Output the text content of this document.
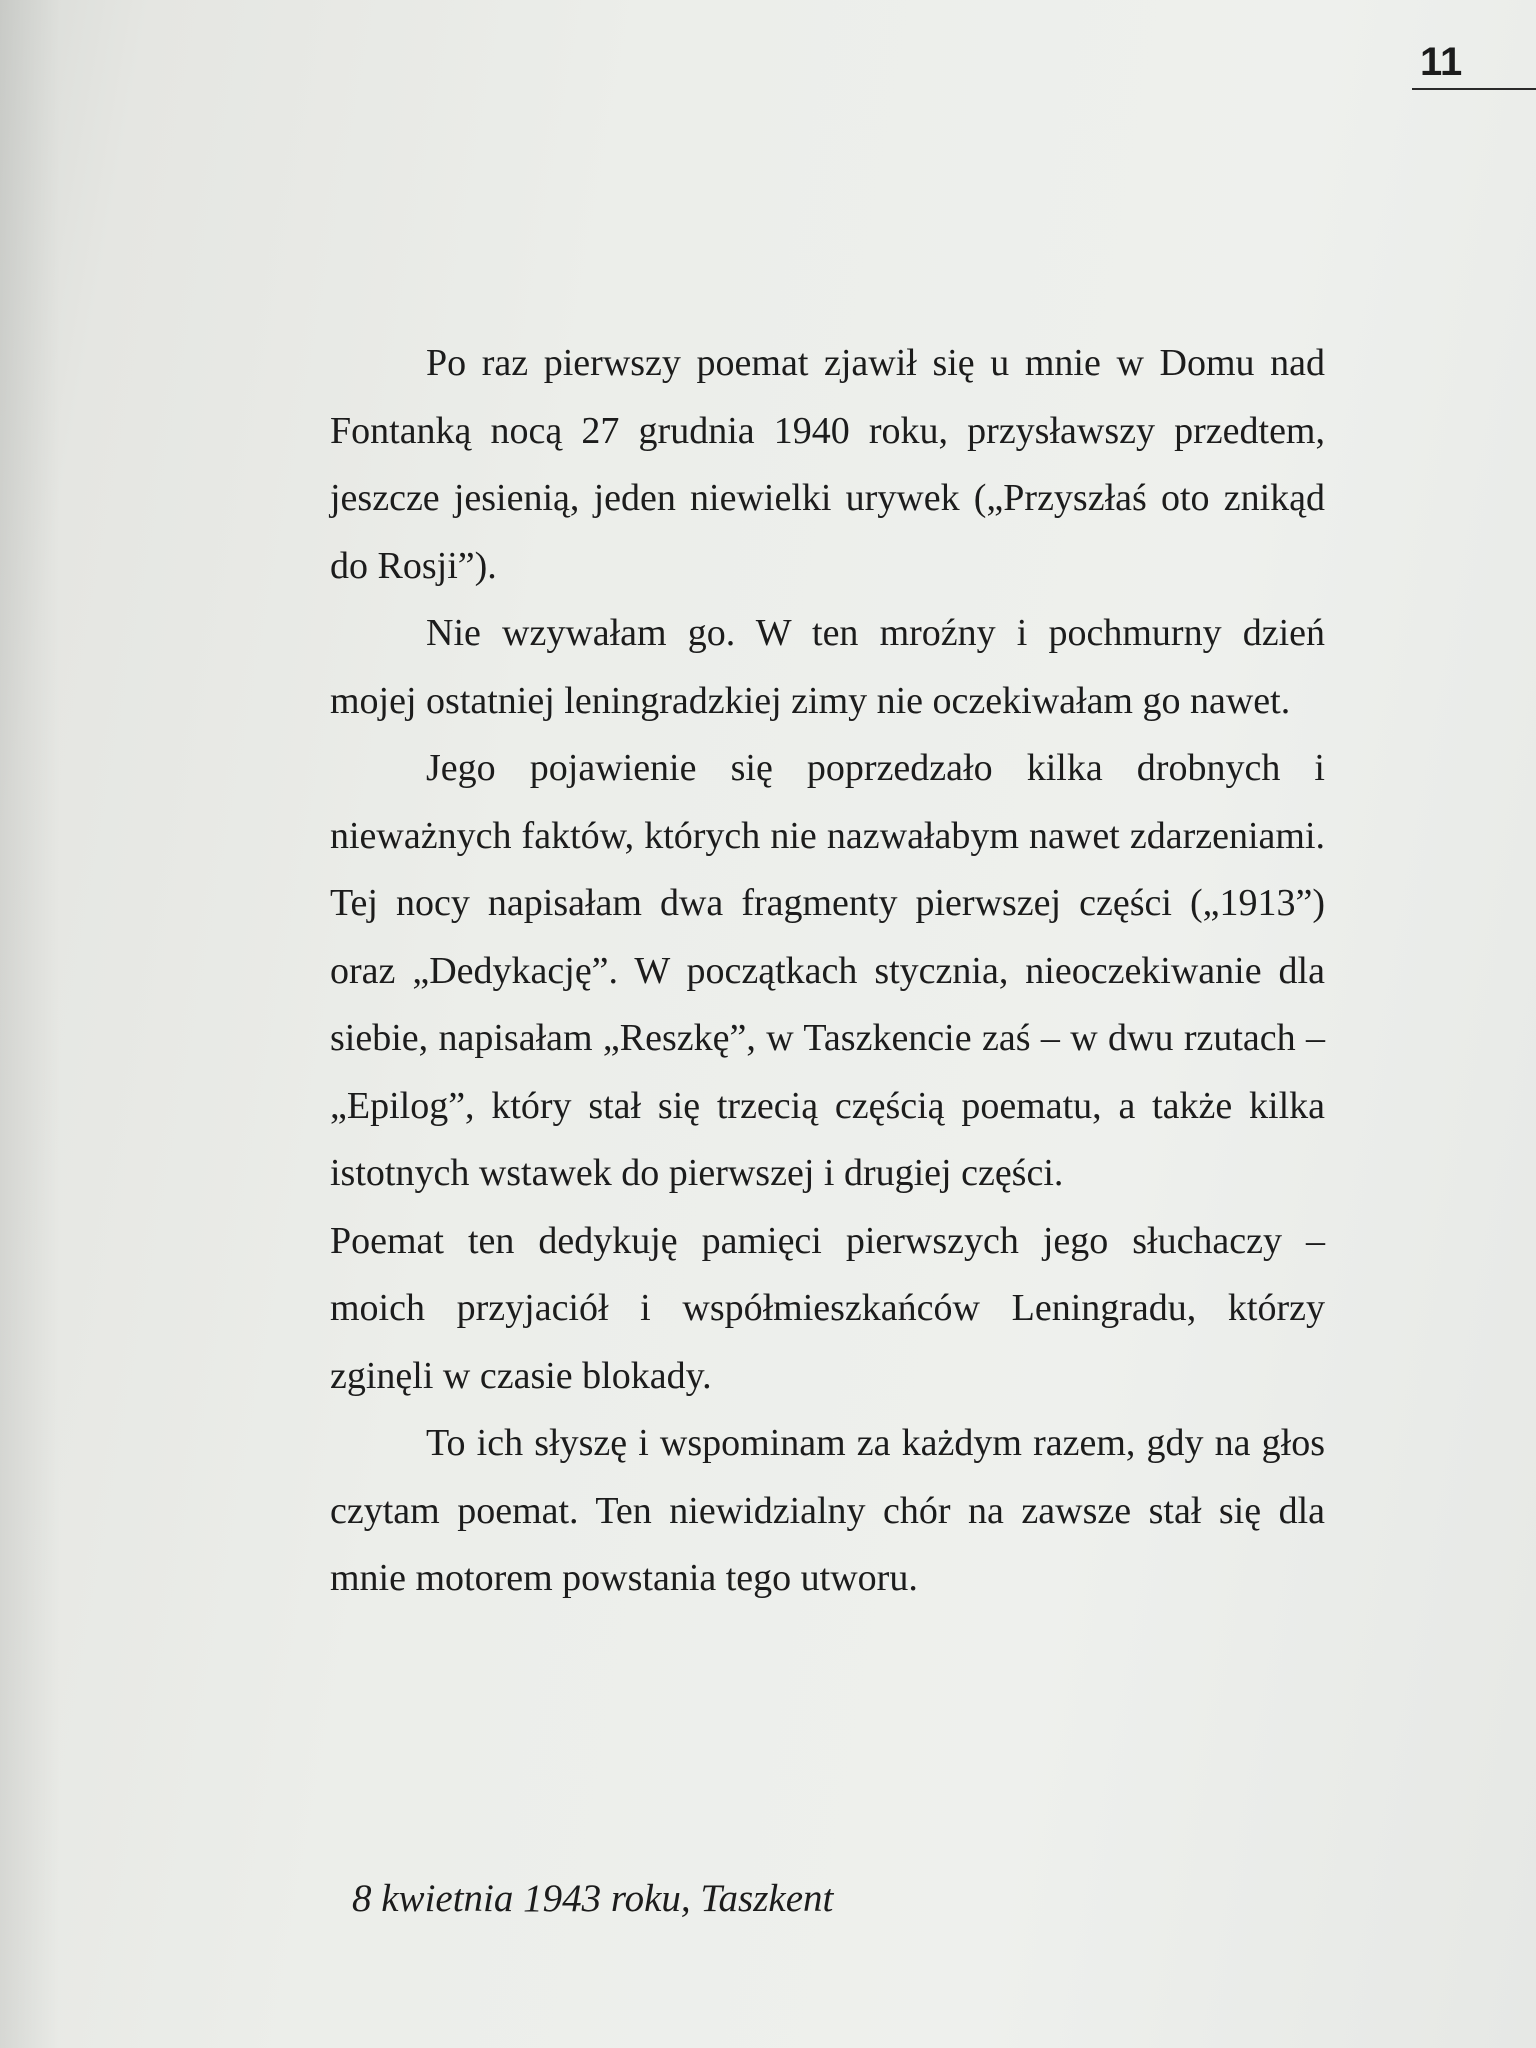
11

Po raz pierwszy poemat zjawił się u mnie w Domu nad Fontanką nocą 27 grudnia 1940 roku, przysławszy przedtem, jeszcze jesienią, jeden niewielki urywek („Przyszłaś oto znikąd do Rosji”).

Nie wzywałam go. W ten mroźny i pochmurny dzień mojej ostatniej leningradzkiej zimy nie oczekiwałam go nawet.

Jego pojawienie się poprzedzało kilka drobnych i nieważnych faktów, których nie nazwałabym nawet zdarzeniami. Tej nocy napisałam dwa fragmenty pierwszej części („1913”) oraz „Dedykację”. W początkach stycznia, nieoczekiwanie dla siebie, napisałam „Reszkę”, w Taszkencie zaś – w dwu rzutach – „Epilog”, który stał się trzecią częścią poematu, a także kilka istotnych wstawek do pierwszej i drugiej części.

Poemat ten dedykuję pamięci pierwszych jego słuchaczy – moich przyjaciół i współmieszkańców Leningradu, którzy zginęli w czasie blokady.

To ich słyszę i wspominam za każdym razem, gdy na głos czytam poemat. Ten niewidzialny chór na zawsze stał się dla mnie motorem powstania tego utworu.

8 kwietnia 1943 roku, Taszkent
